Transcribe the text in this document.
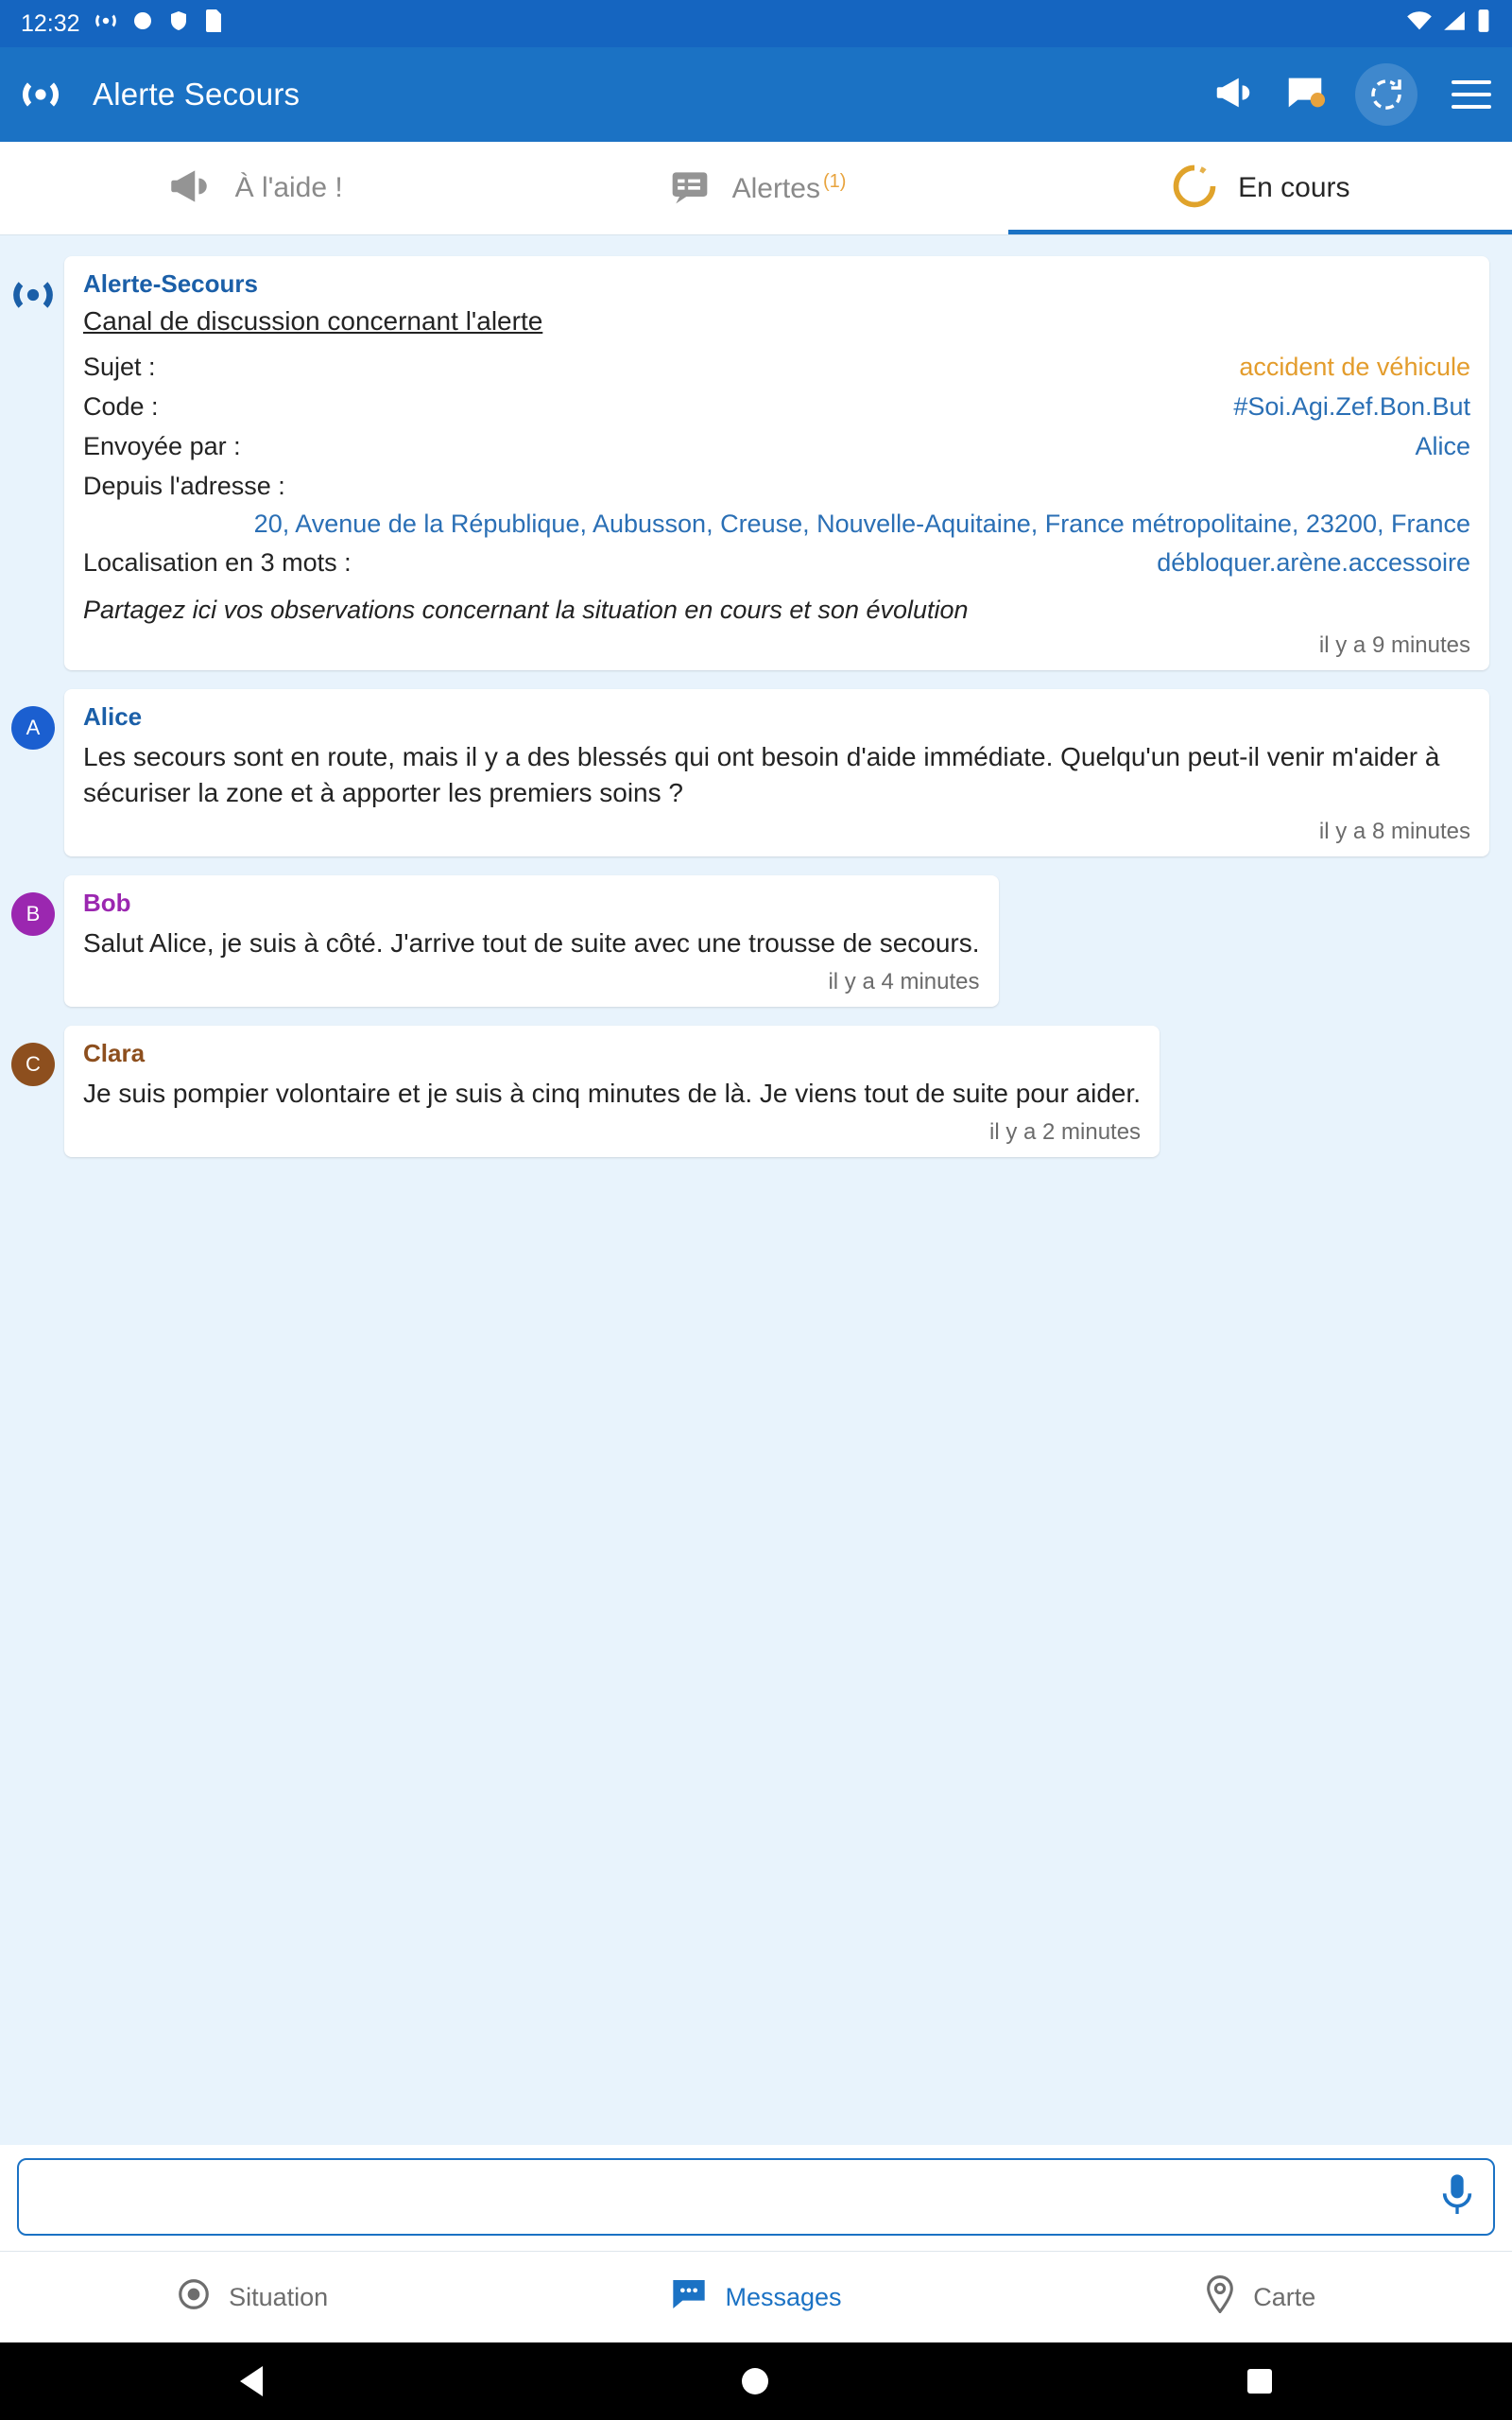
12:32
Alerte Secours
À l'aide !	Alertes $^{(1)}$	En cours
Alerte-Secours
Canal de discussion concernant l'alerte
Sujet :	accident de véhicule
Code :	#Soi.Agi.Zef.Bon.But
Envoyée par :	Alice
Depuis l'adresse :
20, Avenue de la République, Aubusson, Creuse, Nouvelle-Aquitaine, France métropolitaine, 23200, France
Localisation en 3 mots :	débloquer.arène.accessoire
Partagez ici vos observations concernant la situation en cours et son évolution
il y a 9 minutes
A	Alice
Les secours sont en route, mais il y a des blessés qui ont besoin d'aide immédiate. Quelqu'un peut-il venir m'aider à sécuriser la zone et à apporter les premiers soins ?
il y a 8 minutes
B	Bob
Salut Alice, je suis à côté. J'arrive tout de suite avec une trousse de secours.
il y a 4 minutes
C	Clara
Je suis pompier volontaire et je suis à cinq minutes de là. Je viens tout de suite pour aider.
il y a 2 minutes
Situation	Messages	Carte
